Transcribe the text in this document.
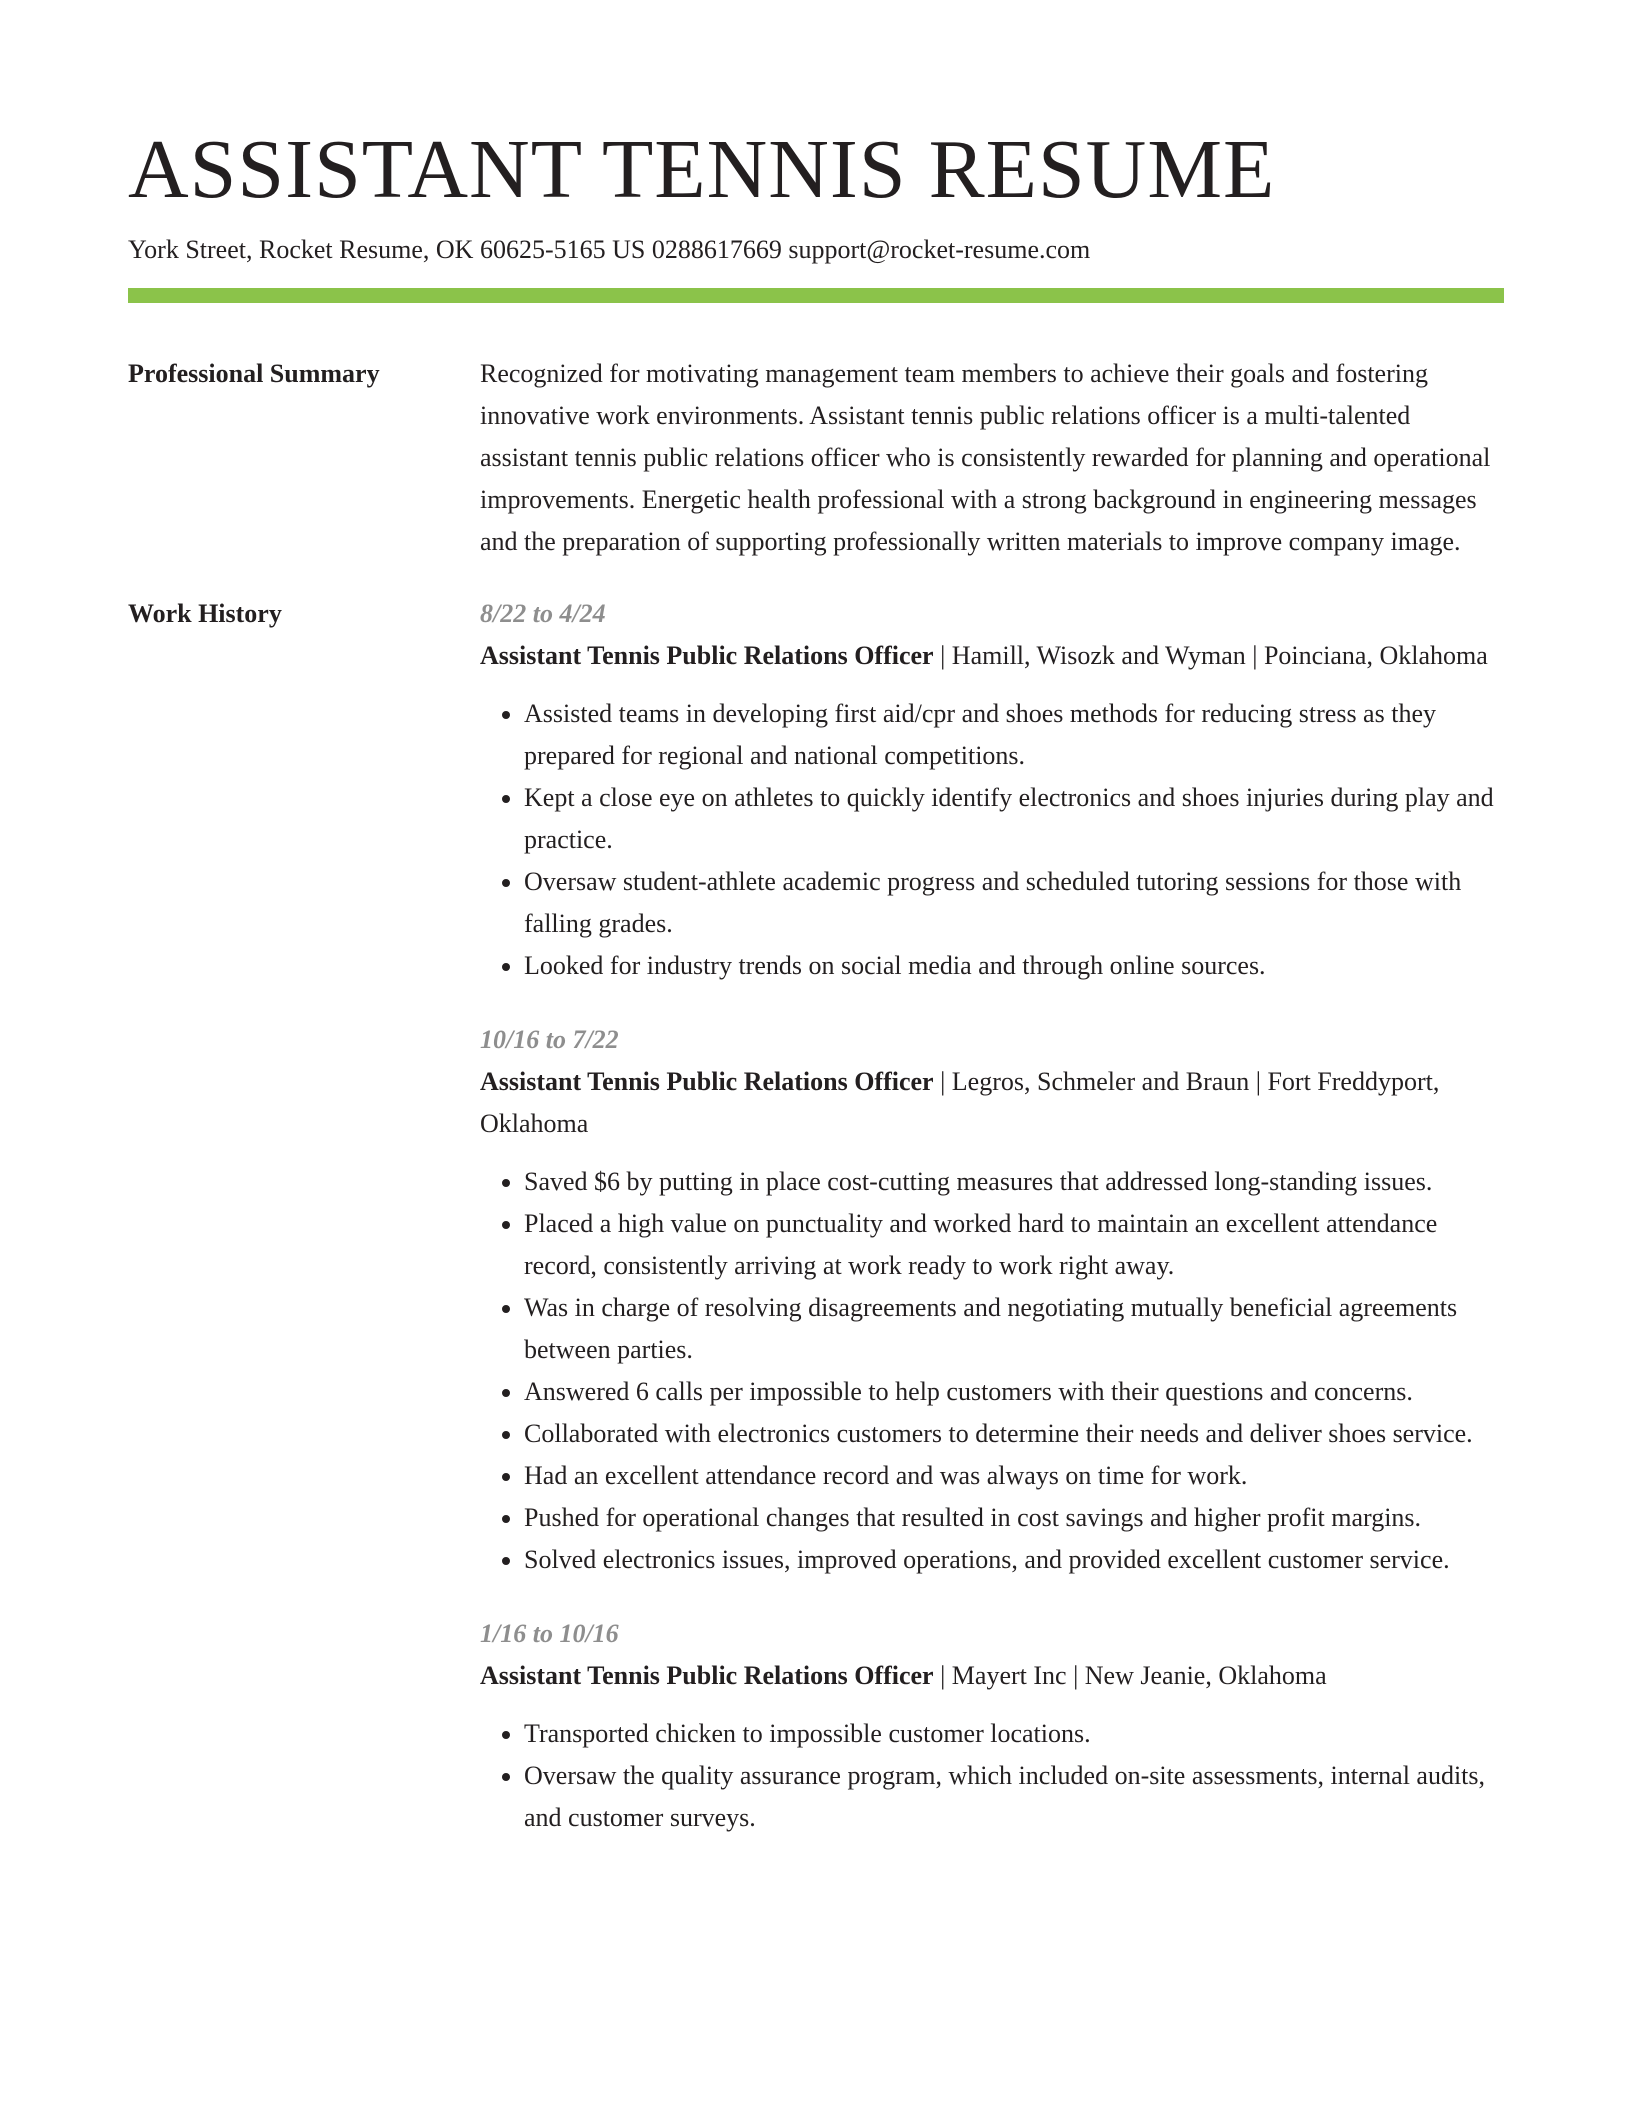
ASSISTANT TENNIS RESUME
York Street, Rocket Resume, OK 60625-5165 US 0288617669 support@rocket-resume.com
Professional Summary	Recognized for motivating management team members to achieve their goals and fostering innovative work environments. Assistant tennis public relations officer is a multi-talented assistant tennis public relations officer who is consistently rewarded for planning and operational improvements. Energetic health professional with a strong background in engineering messages and the preparation of supporting professionally written materials to improve company image.
Work History	8/22 to 4/24
Assistant Tennis Public Relations Officer | Hamill, Wisozk and Wyman | Poinciana, Oklahoma
• Assisted teams in developing first aid/cpr and shoes methods for reducing stress as they prepared for regional and national competitions.
• Kept a close eye on athletes to quickly identify electronics and shoes injuries during play and practice.
• Oversaw student-athlete academic progress and scheduled tutoring sessions for those with falling grades.
• Looked for industry trends on social media and through online sources.
10/16 to 7/22
Assistant Tennis Public Relations Officer | Legros, Schmeler and Braun | Fort Freddyport, Oklahoma
• Saved $6 by putting in place cost-cutting measures that addressed long-standing issues.
• Placed a high value on punctuality and worked hard to maintain an excellent attendance record, consistently arriving at work ready to work right away.
• Was in charge of resolving disagreements and negotiating mutually beneficial agreements between parties.
• Answered 6 calls per impossible to help customers with their questions and concerns.
• Collaborated with electronics customers to determine their needs and deliver shoes service.
• Had an excellent attendance record and was always on time for work.
• Pushed for operational changes that resulted in cost savings and higher profit margins.
• Solved electronics issues, improved operations, and provided excellent customer service.
1/16 to 10/16
Assistant Tennis Public Relations Officer | Mayert Inc | New Jeanie, Oklahoma
• Transported chicken to impossible customer locations.
• Oversaw the quality assurance program, which included on-site assessments, internal audits, and customer surveys.
